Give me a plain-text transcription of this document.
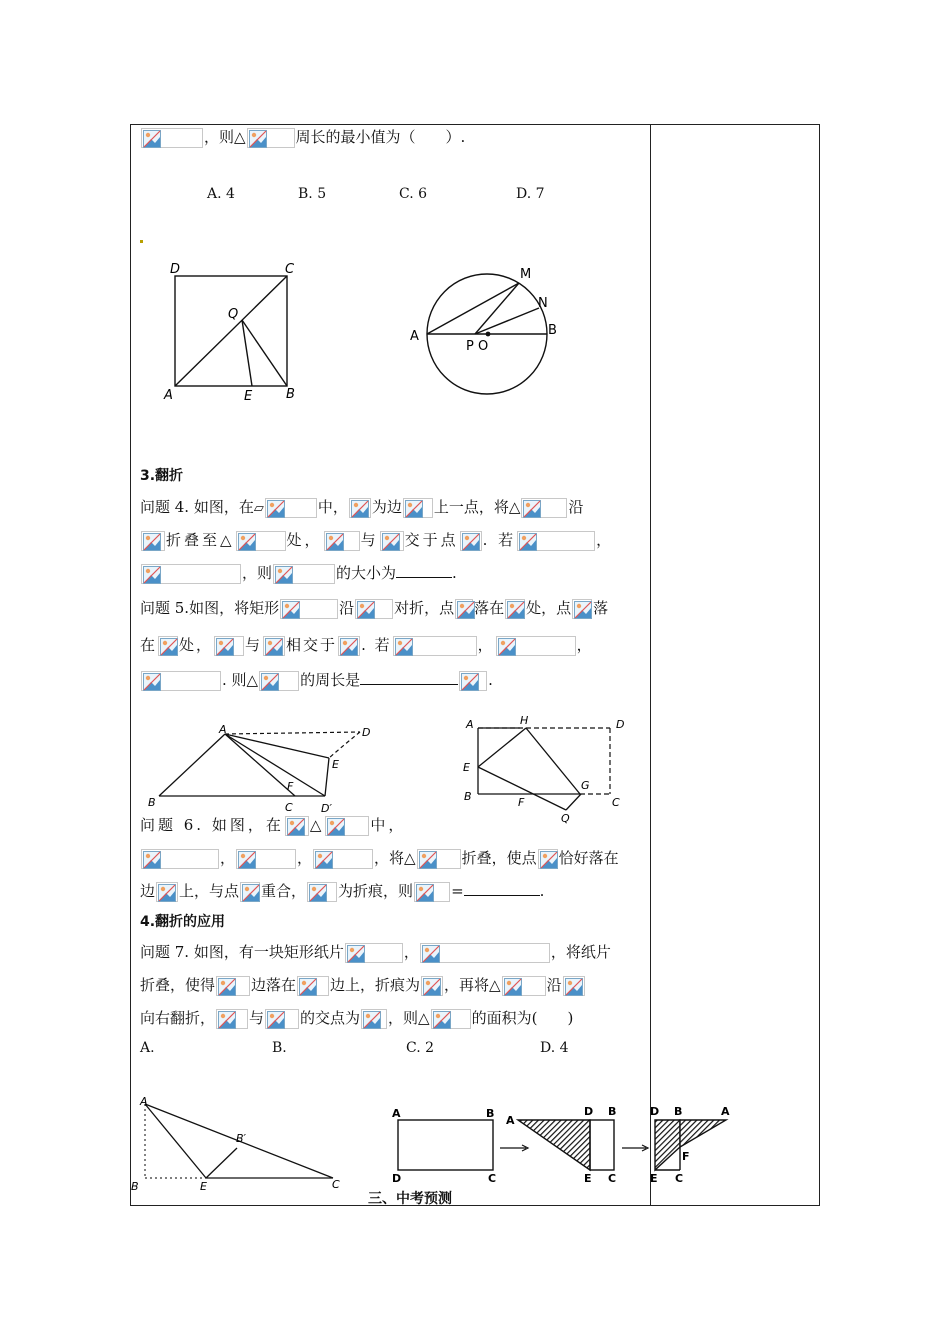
，则△	周长的最小值为（　　）.
A. 4	B. 5	C. 6	D. 7
D	C
Q
A	E	B
M
N
A	B
P O
3.翻折
问题 4. 如图，在▱	中， 为边 上一点，将△	沿
折叠至△	处，	与 交于点 . 若	，
，则	的大小为	.
问题 5.如图，将矩形	沿	对折，点 落在 处，点 落
在 处， 与 相交于 . 若	，	，
. 则△	的周长是	.
A	D
E
F
B	C	D′
A	H	D
E
G
B	F	C
Q
问题 6. 如图，在 △	中，
，	，	，将△	折叠，使点 恰好落在
边 上，与点 重合， 为折痕，则	=	.
4.翻折的应用
问题 7. 如图，有一块矩形纸片	，	，将纸片
折叠，使得 边落在 边上，折痕为 ，再将△	沿
向右翻折， 与 的交点为 ，则△	的面积为(　　)
A.	B.	C. 2	D. 4
A
B′
B	E	C
A	B
D	C
A
D B
E C
D B	A
F
E C
三、中考预测
